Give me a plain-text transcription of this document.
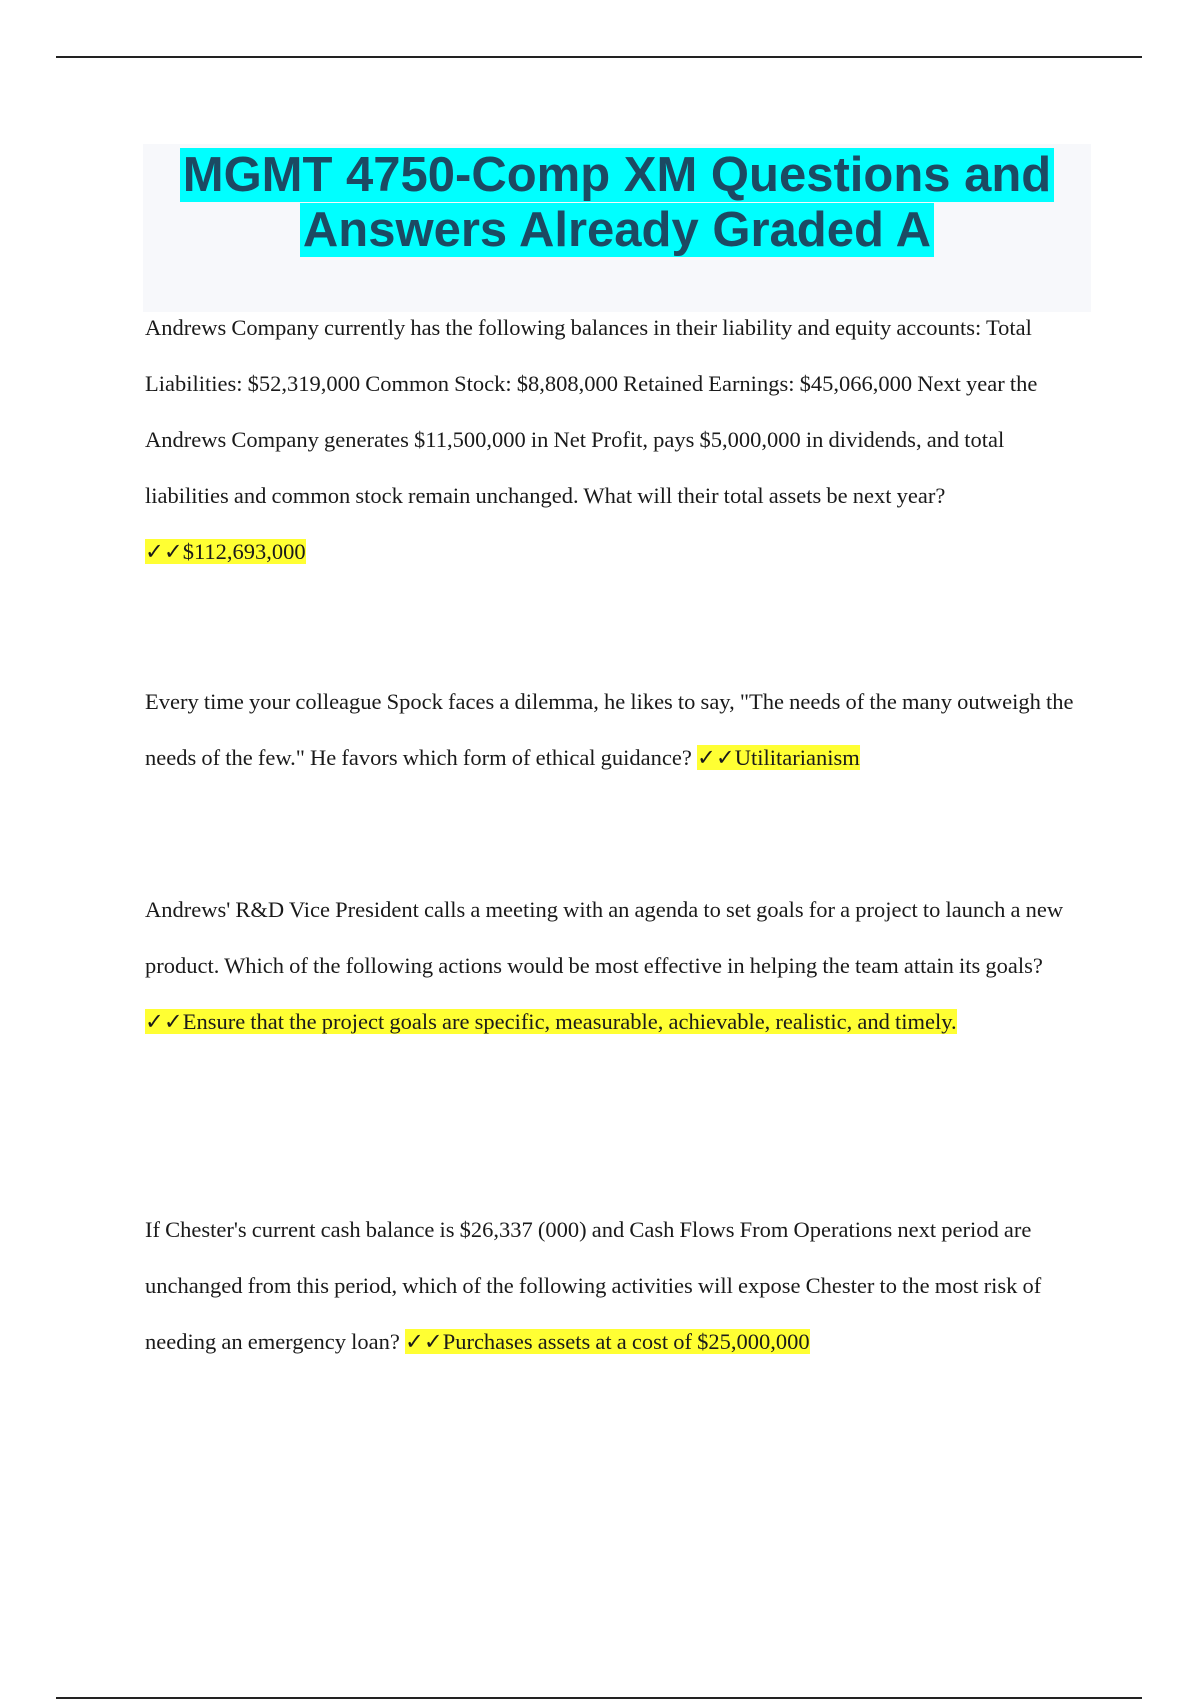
MGMT 4750-Comp XM Questions and Answers Already Graded A

Andrews Company currently has the following balances in their liability and equity accounts: Total Liabilities: $52,319,000 Common Stock: $8,808,000 Retained Earnings: $45,066,000 Next year the Andrews Company generates $11,500,000 in Net Profit, pays $5,000,000 in dividends, and total liabilities and common stock remain unchanged. What will their total assets be next year? ✓✓$112,693,000

Every time your colleague Spock faces a dilemma, he likes to say, "The needs of the many outweigh the needs of the few." He favors which form of ethical guidance? ✓✓Utilitarianism

Andrews' R&D Vice President calls a meeting with an agenda to set goals for a project to launch a new product. Which of the following actions would be most effective in helping the team attain its goals? ✓✓Ensure that the project goals are specific, measurable, achievable, realistic, and timely.

If Chester's current cash balance is $26,337 (000) and Cash Flows From Operations next period are unchanged from this period, which of the following activities will expose Chester to the most risk of needing an emergency loan? ✓✓Purchases assets at a cost of $25,000,000
